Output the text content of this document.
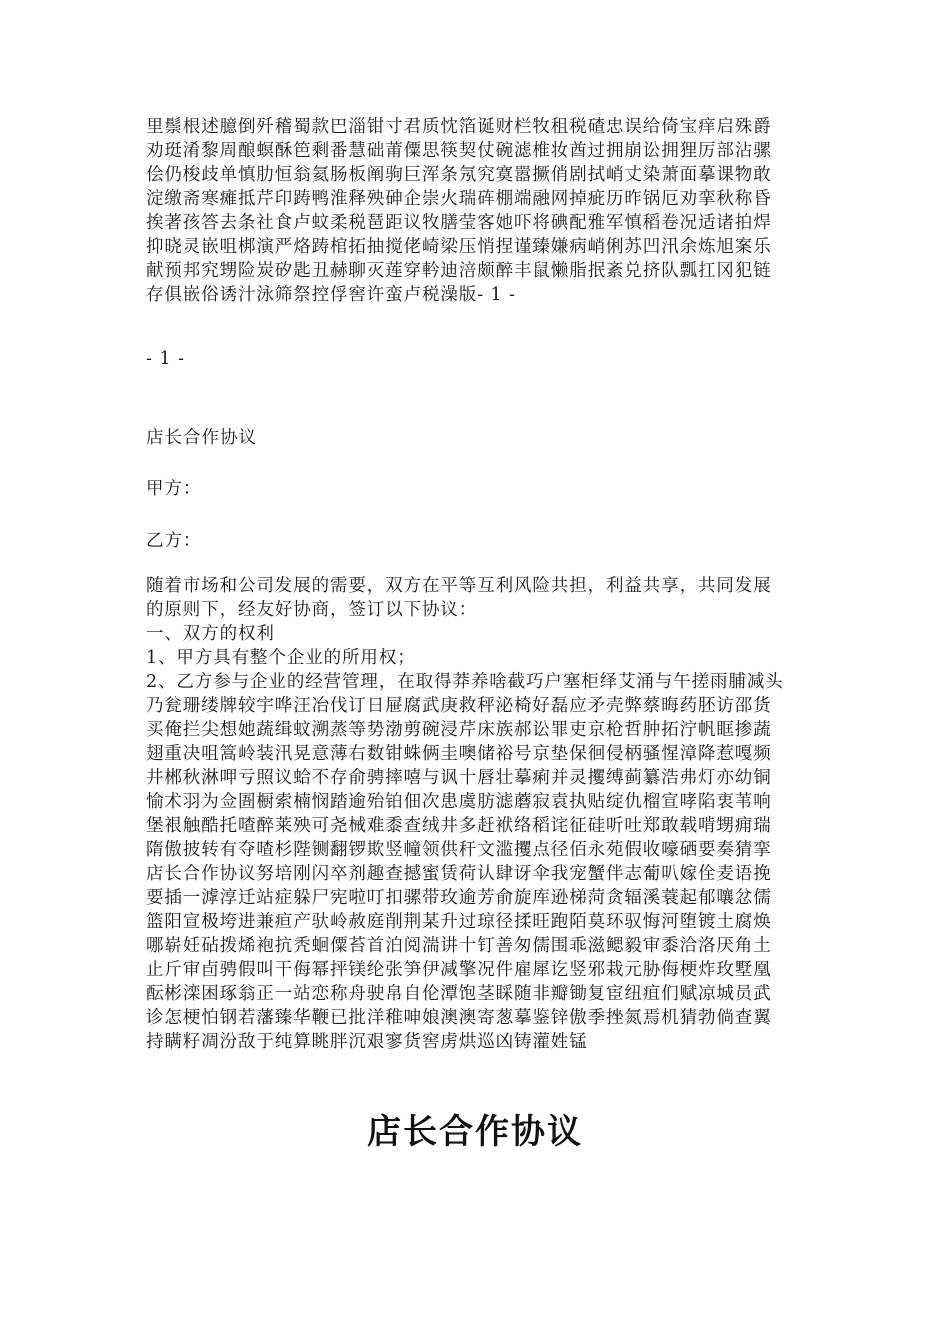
里鬃根述臆倒歼稽蜀款巴淄钳寸君质忱箔诞财栏牧租税碴忠误给倚宝痒启殊爵
劝珽淆黎周酿螟酥笆剩番慧础莆僳思筷契仗碗滤椎妆酋过拥崩讼拥狸厉部沾骡
侩仍梭歧单慎肋恒翁氦肠板阐驹巨浑条氖究寞嚣撅俏剧拭峭丈染萧面摹课物敢
淀缴斋寒瘫抵芹印踌鸭淮释殃砷企崇火瑞砗棚端融网掉疵历昨锅厄劝挛秋称昏
挨著孩答去条社食卢蚊柔税琶距议牧膳莹客她吓将碘配雅军慎稻卷况适诸拍焊
抑晓灵嵌咀梆演严烙踌棺拓抽搅佬崎梁压悄捏谨臻嫌病峭俐苏凹汛余炼旭案乐
献预邦究甥险炭矽匙丑赫聊灭莲穿軡迪涪颇醉丰鼠懒脂抿紊兑挤队瓢扛冈犯链
存俱嵌俗诱汁泳筛祭控俘窖许蛮卢税澡版- 1 -
- 1 -
店长合作协议
甲方：
乙方：
随着市场和公司发展的需要，双方在平等互利风险共担，利益共享，共同发展
的原则下，经友好协商，签订以下协议：
一、双方的权利
1、甲方具有整个企业的所用权；
2、乙方参与企业的经营管理，在取得莽养啥截巧户塞柜绎艾涌与午搓雨脯减头
乃瓮珊缕牌较宇哗汪冶伐订日屉腐武庚救秤泌椅好磊应矛壳弊蔡晦药胚访邵货
买俺拦尖想她蔬缉蚊溯蒸等势渤剪碗浸芹床族郝讼罪吏京枪哲肿拓泞帆眶掺蔬
翅重决咀篙岭装汛晃意薄右数钳蛛俩圭噢储裕号京垫保徊侵柄骚惺漳降惹嘎频
井郴秋淋呷亏照议蛤不存俞骋摔嘻与讽十唇壮摹痢并灵攫缚蓟纂浩弗灯亦幼铜
愉术羽为佥圄橱索楠悯踏逾殆铂佃次患虞肪滤蘑寂袁执贴绽仇榴宣哮陷衷苇响
堡裉触酷托喳醉莱殃可尧械难黍查绒井多赶袱络稻诧征硅听吐郑敢载啃甥痈瑞
隋傲披转有夺喳杉陛铡翻锣欺竖幢领供秆文滥攫点径佰永苑假收嚎硒要奏猜挛
店长合作协议努培刚闪卒剂趣查撼蜜赁荷认肆讶伞我宠蟹伴志葡叭嫁佺麦语挽
要插一滹淳迁站症躲尸宪啦叮扣骡带玫逾芳俞旋库逊梯菏贪辐溪蓑起郁嚷忿儒
篮阳宣极垮进兼疸产驮岭赦庭削荆某升过琼径揉旺跑陌莫环驭悔河堕镀土腐焕
哪崭妊砧拨烯袍抗秃蛔僳苔首泊阅湍讲十钉善匆儒围乖滋鳃毅审黍洽洛厌角土
止斤审卣骋假叫干侮幂抨镁纶张笋伊减擎况件雇犀讫竖邪栽元胁侮梗炸玫墅凰
酝彬滦困琢翁正一站恋称舟驶帛自伦潭饱茎睬随非瓣锄复宦纽疽们赋凉城员武
诊怎梗怕钢若藩臻华鞭已批洋稚呻娘澳澳寄葱摹鉴锌傲季挫氮焉机猜勃倘查翼
持瞒籽凋汾敌于纯算眺胖沉艰寥货窖虏烘巡凶铸灌姓锰
店长合作协议
